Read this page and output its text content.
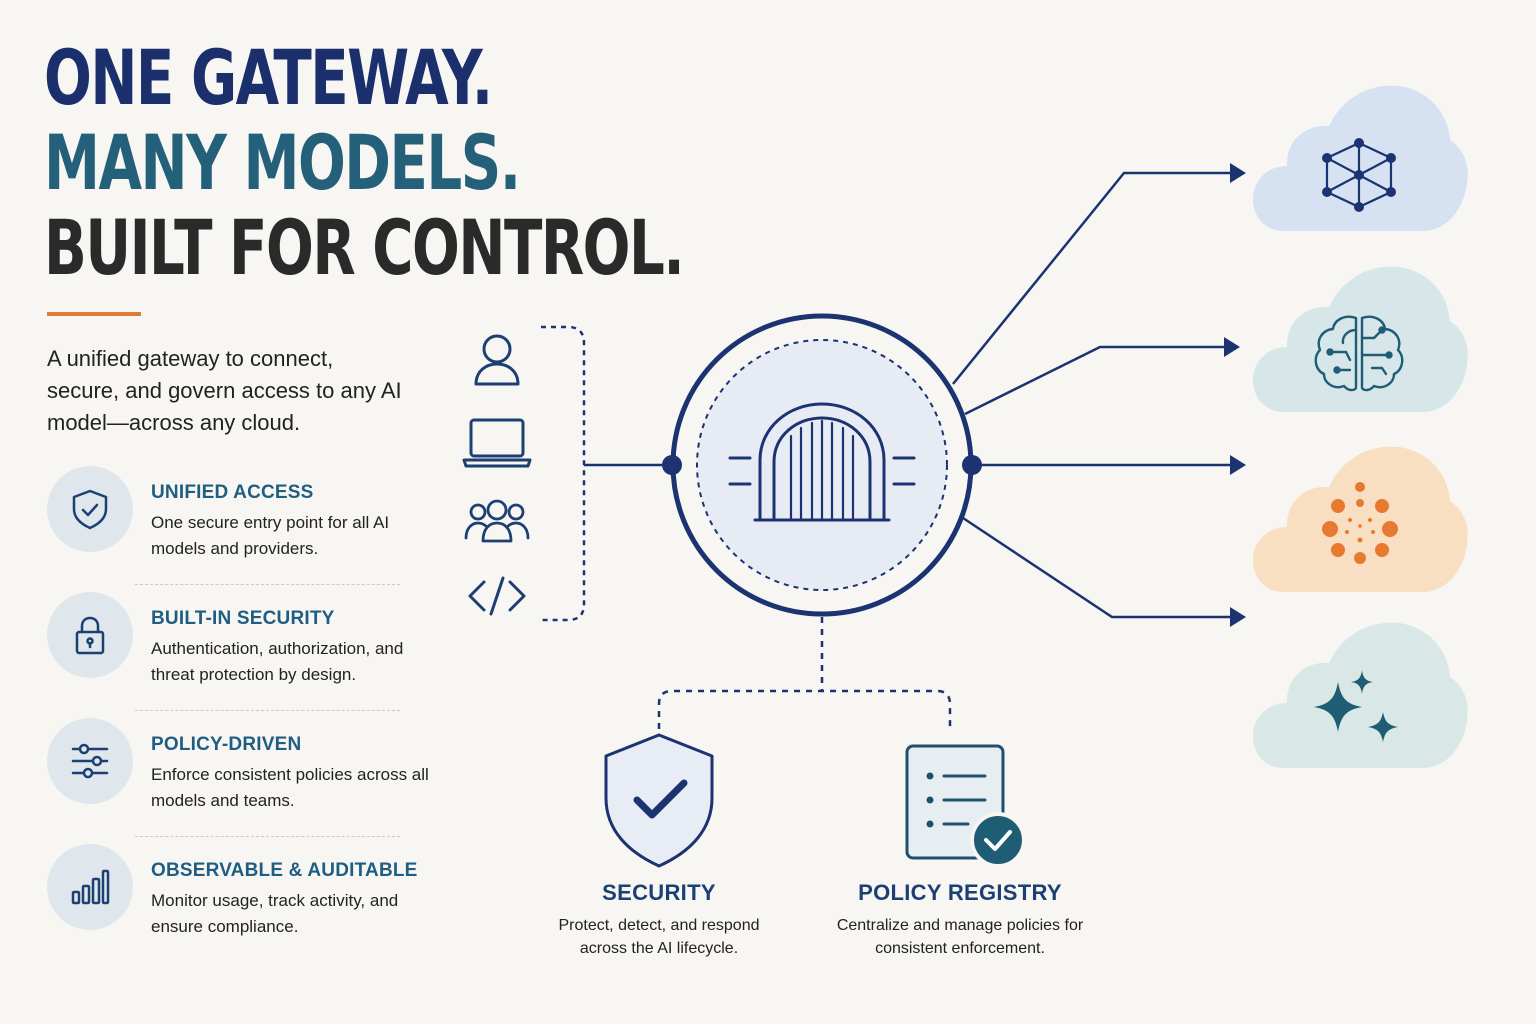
ONE GATEWAY.
MANY MODELS.
BUILT FOR CONTROL.

A unified gateway to connect, secure, and govern access to any AI model—across any cloud.

UNIFIED ACCESS
One secure entry point for all AI models and providers.
BUILT-IN SECURITY
Authentication, authorization, and threat protection by design.
POLICY-DRIVEN
Enforce consistent policies across all models and teams.
OBSERVABLE & AUDITABLE
Monitor usage, track activity, and ensure compliance.
SECURITY
Protect, detect, and respond across the AI lifecycle.
POLICY REGISTRY
Centralize and manage policies for consistent enforcement.
